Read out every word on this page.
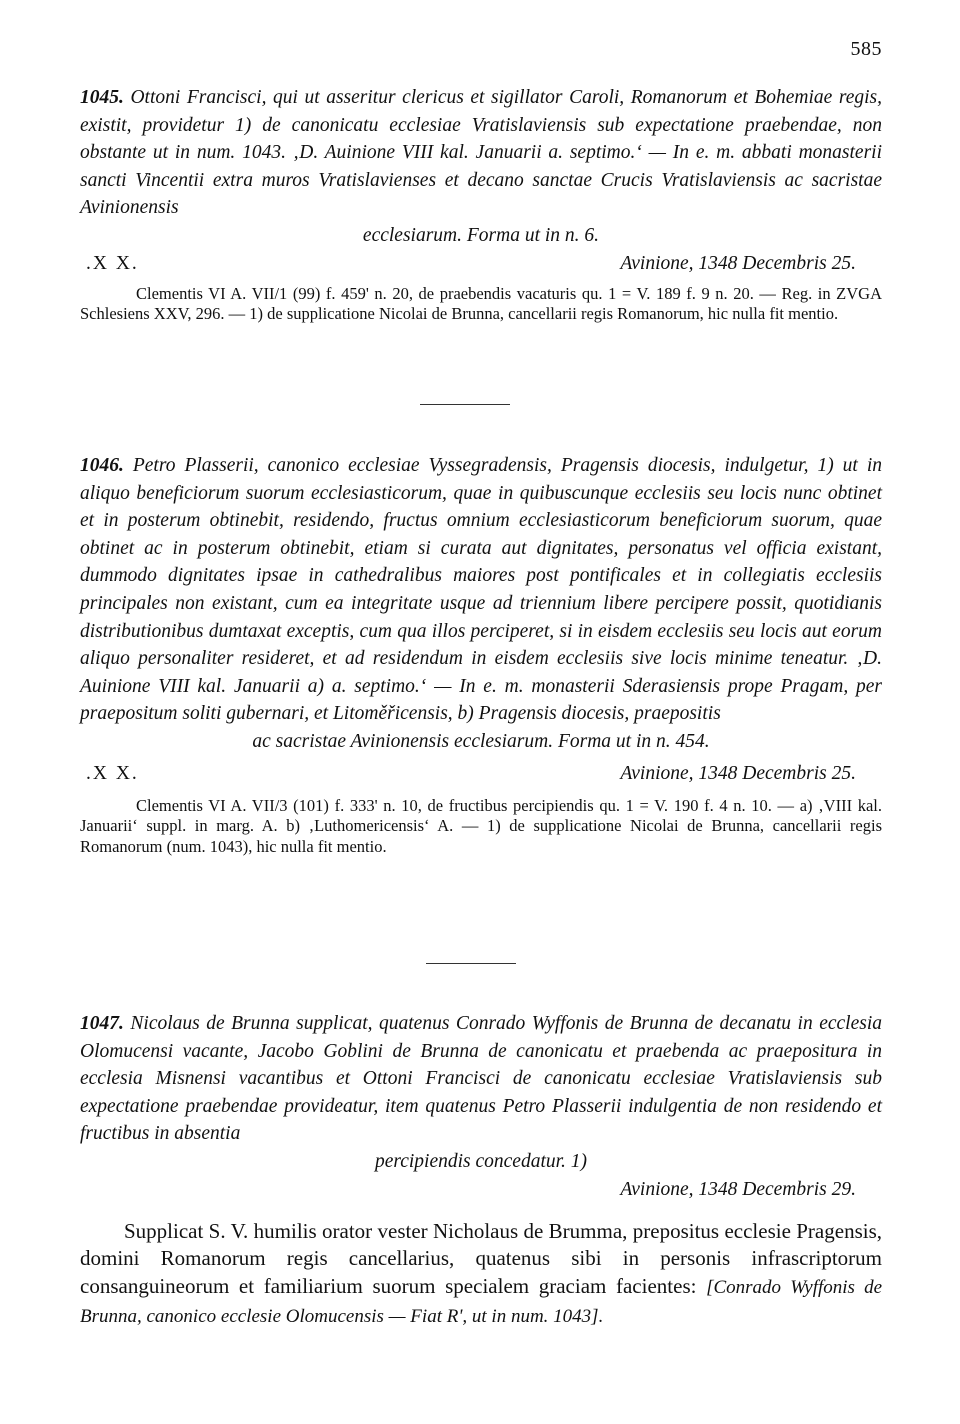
585

1045. Ottoni Francisci, qui ut asseritur clericus et sigillator Caroli, Romanorum et Bohemiae regis, existit, providetur 1) de canonicatu ecclesiae Vratislaviensis sub expectatione praebendae, non obstante ut in num. 1043. ‚D. Auinione VIII kal. Januarii a. septimo.‘ — In e. m. abbati monasterii sancti Vincentii extra muros Vratislavienses et decano sanctae Crucis Vratislaviensis ac sacristae Avinionensis

ecclesiarum. Forma ut in n. 6.

.X X.	Avinione, 1348 Decembris 25.

Clementis VI A. VII/1 (99) f. 459' n. 20, de praebendis vacaturis qu. 1 = V. 189 f. 9 n. 20. — Reg. in ZVGA Schlesiens XXV, 296. — 1) de supplicatione Nicolai de Brunna, cancellarii regis Romanorum, hic nulla fit mentio.

1046. Petro Plasserii, canonico ecclesiae Vyssegradensis, Pragensis diocesis, indulgetur, 1) ut in aliquo beneficiorum suorum ecclesiasticorum, quae in quibuscunque ecclesiis seu locis nunc obtinet et in posterum obtinebit, residendo, fructus omnium ecclesiasticorum beneficiorum suorum, quae obtinet ac in posterum obtinebit, etiam si curata aut dignitates, personatus vel officia existant, dummodo dignitates ipsae in cathedralibus maiores post pontificales et in collegiatis ecclesiis principales non existant, cum ea integritate usque ad triennium libere percipere possit, quotidianis distributionibus dumtaxat exceptis, cum qua illos perciperet, si in eisdem ecclesiis seu locis aut eorum aliquo personaliter resideret, et ad residendum in eisdem ecclesiis sive locis minime teneatur. ‚D. Auinione VIII kal. Januarii a) a. septimo.‘ — In e. m. monasterii Sderasiensis prope Pragam, per praepositum soliti gubernari, et Litoměřicensis, b) Pragensis diocesis, praepositis

ac sacristae Avinionensis ecclesiarum. Forma ut in n. 454.

.X X.	Avinione, 1348 Decembris 25.

Clementis VI A. VII/3 (101) f. 333' n. 10, de fructibus percipiendis qu. 1 = V. 190 f. 4 n. 10. — a) ‚VIII kal. Januarii‘ suppl. in marg. A. b) ‚Luthomericensis‘ A. — 1) de supplicatione Nicolai de Brunna, cancellarii regis Romanorum (num. 1043), hic nulla fit mentio.

1047. Nicolaus de Brunna supplicat, quatenus Conrado Wyffonis de Brunna de decanatu in ecclesia Olomucensi vacante, Jacobo Goblini de Brunna de canonicatu et praebenda ac praepositura in ecclesia Misnensi vacantibus et Ottoni Francisci de canonicatu ecclesiae Vratislaviensis sub expectatione praebendae provideatur, item quatenus Petro Plasserii indulgentia de non residendo et fructibus in absentia

percipiendis concedatur. 1)

Avinione, 1348 Decembris 29.

Supplicat S. V. humilis orator vester Nicholaus de Brumma, prepositus ecclesie Pragensis, domini Romanorum regis cancellarius, quatenus sibi in personis infrascriptorum consanguineorum et familiarium suorum specialem graciam facientes: [Conrado Wyffonis de Brunna, canonico ecclesie Olomucensis — Fiat R', ut in num. 1043].
